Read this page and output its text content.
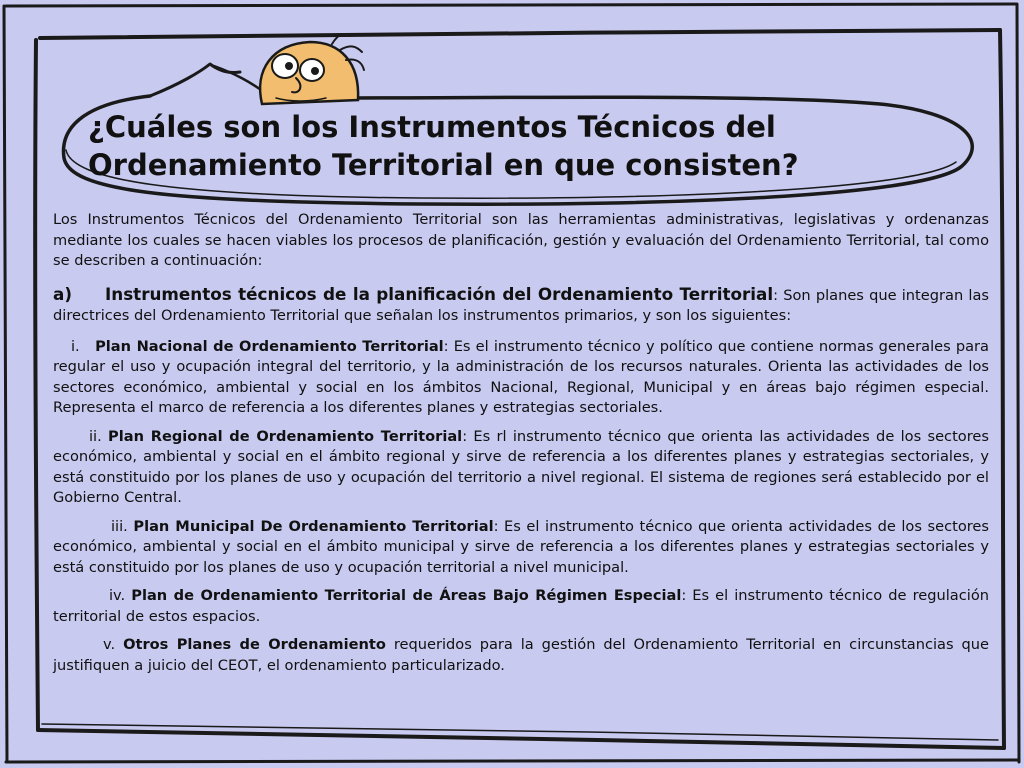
¿Cuáles son los Instrumentos Técnicos del
Ordenamiento Territorial en que consisten?

Los Instrumentos Técnicos del Ordenamiento Territorial son las herramientas administrativas, legislativas y ordenanzas mediante los cuales se hacen viables los procesos de planificación, gestión y evaluación del Ordenamiento Territorial, tal como se describen a continuación:

a) Instrumentos técnicos de la planificación del Ordenamiento Territorial: Son planes que integran las directrices del Ordenamiento Territorial que señalan los instrumentos primarios, y son los siguientes:

i. Plan Nacional de Ordenamiento Territorial: Es el instrumento técnico y político que contiene normas generales para regular el uso y ocupación integral del territorio, y la administración de los recursos naturales. Orienta las actividades de los sectores económico, ambiental y social en los ámbitos Nacional, Regional, Municipal y en áreas bajo régimen especial. Representa el marco de referencia a los diferentes planes y estrategias sectoriales.

ii. Plan Regional de Ordenamiento Territorial: Es rl instrumento técnico que orienta las actividades de los sectores económico, ambiental y social en el ámbito regional y sirve de referencia a los diferentes planes y estrategias sectoriales, y está constituido por los planes de uso y ocupación del territorio a nivel regional. El sistema de regiones será establecido por el Gobierno Central.

iii. Plan Municipal De Ordenamiento Territorial: Es el instrumento técnico que orienta actividades de los sectores económico, ambiental y social en el ámbito municipal y sirve de referencia a los diferentes planes y estrategias sectoriales y está constituido por los planes de uso y ocupación territorial a nivel municipal.

iv. Plan de Ordenamiento Territorial de Áreas Bajo Régimen Especial: Es el instrumento técnico de regulación territorial de estos espacios.

v. Otros Planes de Ordenamiento requeridos para la gestión del Ordenamiento Territorial en circunstancias que justifiquen a juicio del CEOT, el ordenamiento particularizado.
